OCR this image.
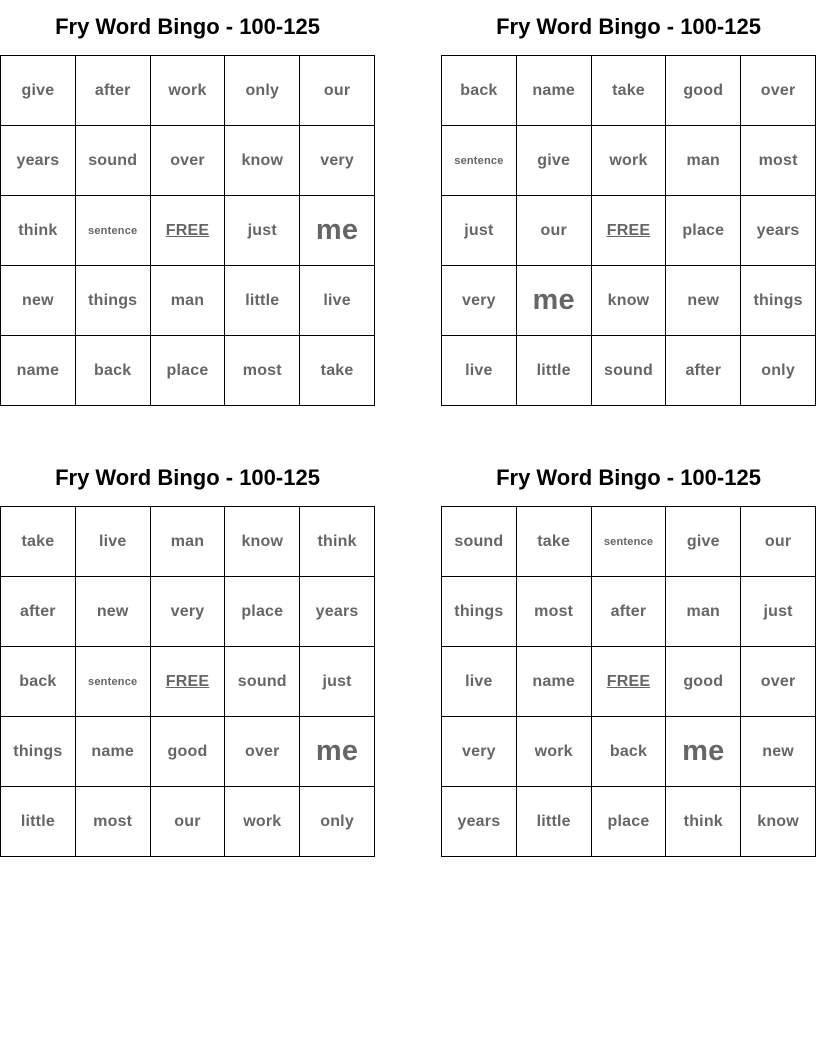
Fry Word Bingo - 100-125
give	after	work	only	our
years	sound	over	know	very
think	sentence	FREE	just	me
new	things	man	little	live
name	back	place	most	take
Fry Word Bingo - 100-125
back	name	take	good	over
sentence	give	work	man	most
just	our	FREE	place	years
very	me	know	new	things
live	little	sound	after	only
Fry Word Bingo - 100-125
take	live	man	know	think
after	new	very	place	years
back	sentence	FREE	sound	just
things	name	good	over	me
little	most	our	work	only
Fry Word Bingo - 100-125
sound	take	sentence	give	our
things	most	after	man	just
live	name	FREE	good	over
very	work	back	me	new
years	little	place	think	know
